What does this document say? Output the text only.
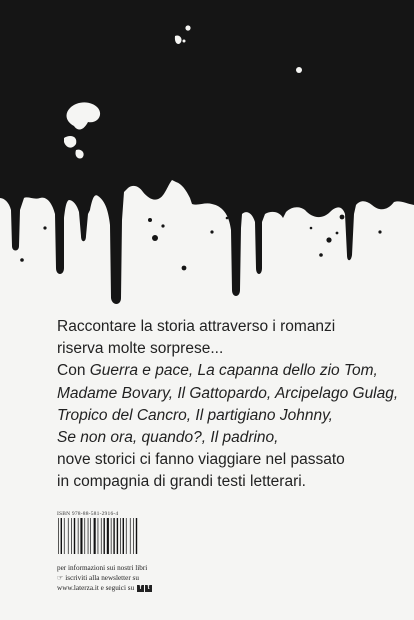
Raccontare la storia attraverso i romanzi
riserva molte sorprese...
Con Guerra e pace, La capanna dello zio Tom,
Madame Bovary, Il Gattopardo, Arcipelago Gulag,
Tropico del Cancro, Il partigiano Johnny,
Se non ora, quando?, Il padrino,
nove storici ci fanno viaggiare nel passato
in compagnia di grandi testi letterari.
ISBN 978-88-581-2916-4
per informazioni sui nostri libri
☞ iscriviti alla newsletter su
www.laterza.it e seguici su f t
